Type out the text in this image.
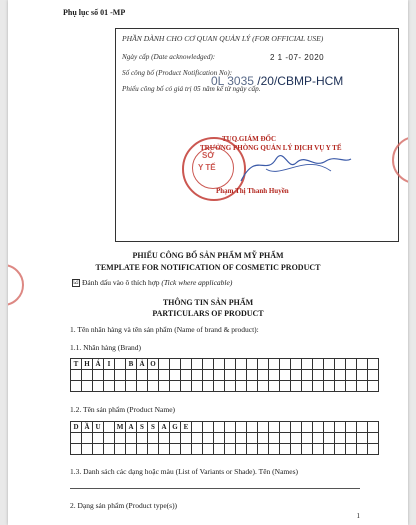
Phụ lục số 01 -MP
PHẦN DÀNH CHO CƠ QUAN QUẢN LÝ (FOR OFFICIAL USE)
Ngày cấp (Date acknowledged):	2 1 -07- 2020
Số công bố (Product Notification No):
0L 3035 /20/CBMP-HCM
Phiếu công bố có giá trị 05 năm kể từ ngày cấp.
TUQ.GIÁM ĐỐC
TRƯỞNG PHÒNG QUẢN LÝ DỊCH VỤ Y TẾ
SỞ
Y TẾ
Phạm Thị Thanh Huyền
PHIẾU CÔNG BỐ SẢN PHẨM MỸ PHẨM
TEMPLATE FOR NOTIFICATION OF COSMETIC PRODUCT
☑ Đánh dấu vào ô thích hợp (Tick where applicable)
THÔNG TIN SẢN PHẨM
PARTICULARS OF PRODUCT
1. Tên nhãn hàng và tên sản phẩm (Name of brand & product):
1.1. Nhãn hàng (Brand)
T	H	Á	I		B	Ả	O																				

1.2. Tên sản phẩm (Product Name)
D	Ầ	U		M	A	S	S	A	G	E																	

1.3. Danh sách các dạng hoặc màu (List of Variants or Shade). Tên (Names)
2. Dạng sản phẩm (Product type(s))
1
